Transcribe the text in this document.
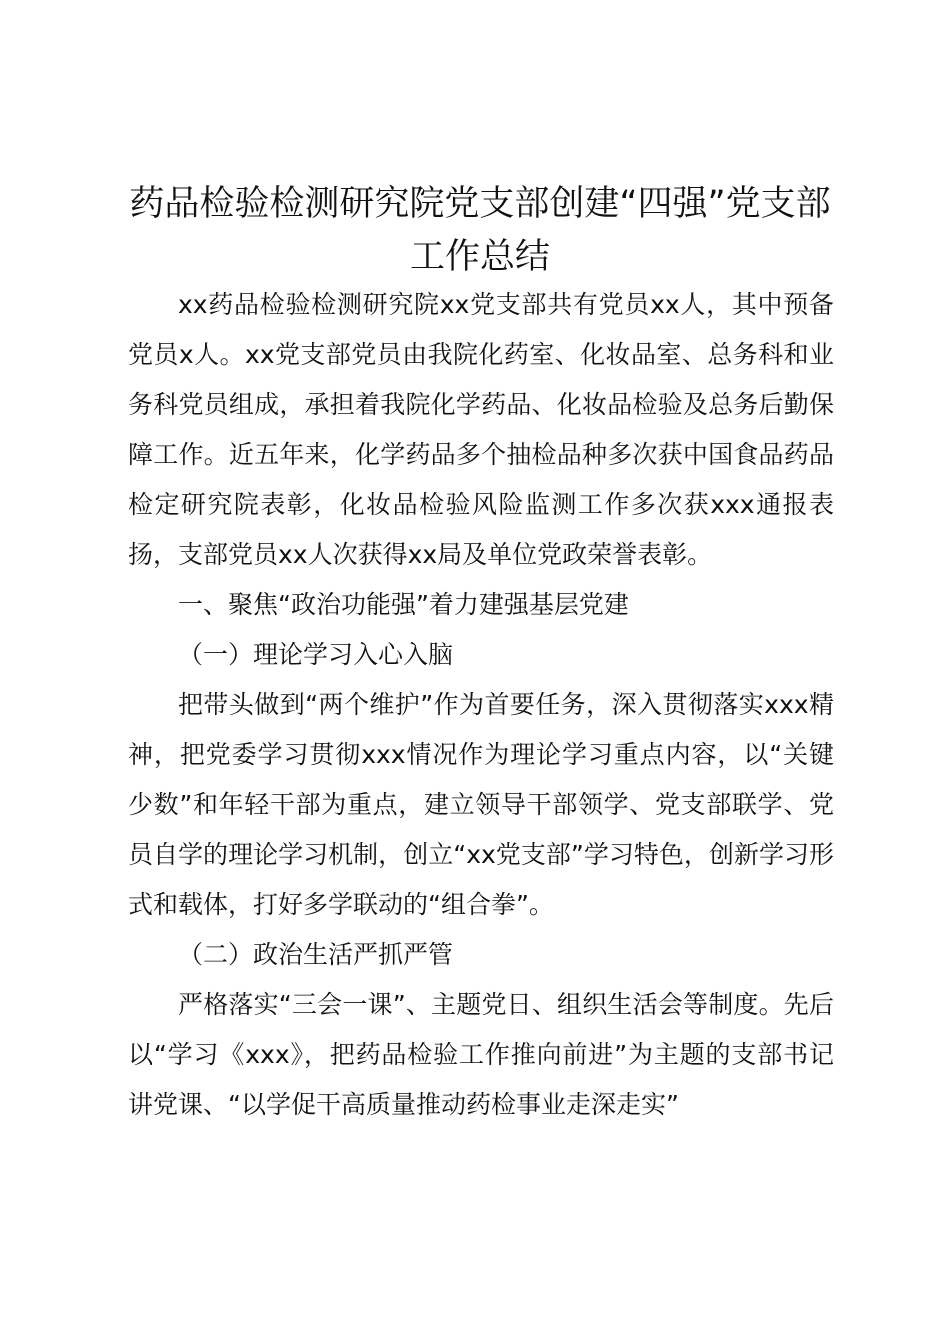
药品检验检测研究院党支部创建“四强”党支部工作总结

xx药品检验检测研究院xx党支部共有党员xx人，其中预备党员x人。xx党支部党员由我院化药室、化妆品室、总务科和业务科党员组成，承担着我院化学药品、化妆品检验及总务后勤保障工作。近五年来，化学药品多个抽检品种多次获中国食品药品检定研究院表彰，化妆品检验风险监测工作多次获xxx通报表扬，支部党员xx人次获得xx局及单位党政荣誉表彰。

一、聚焦“政治功能强”着力建强基层党建

（一）理论学习入心入脑

把带头做到“两个维护”作为首要任务，深入贯彻落实xxx精神，把党委学习贯彻xxx情况作为理论学习重点内容，以“关键少数”和年轻干部为重点，建立领导干部领学、党支部联学、党员自学的理论学习机制，创立“xx党支部”学习特色，创新学习形式和载体，打好多学联动的“组合拳”。

（二）政治生活严抓严管

严格落实“三会一课”、主题党日、组织生活会等制度。先后以“学习《xxx》，把药品检验工作推向前进”为主题的支部书记讲党课、“以学促干高质量推动药检事业走深走实”
